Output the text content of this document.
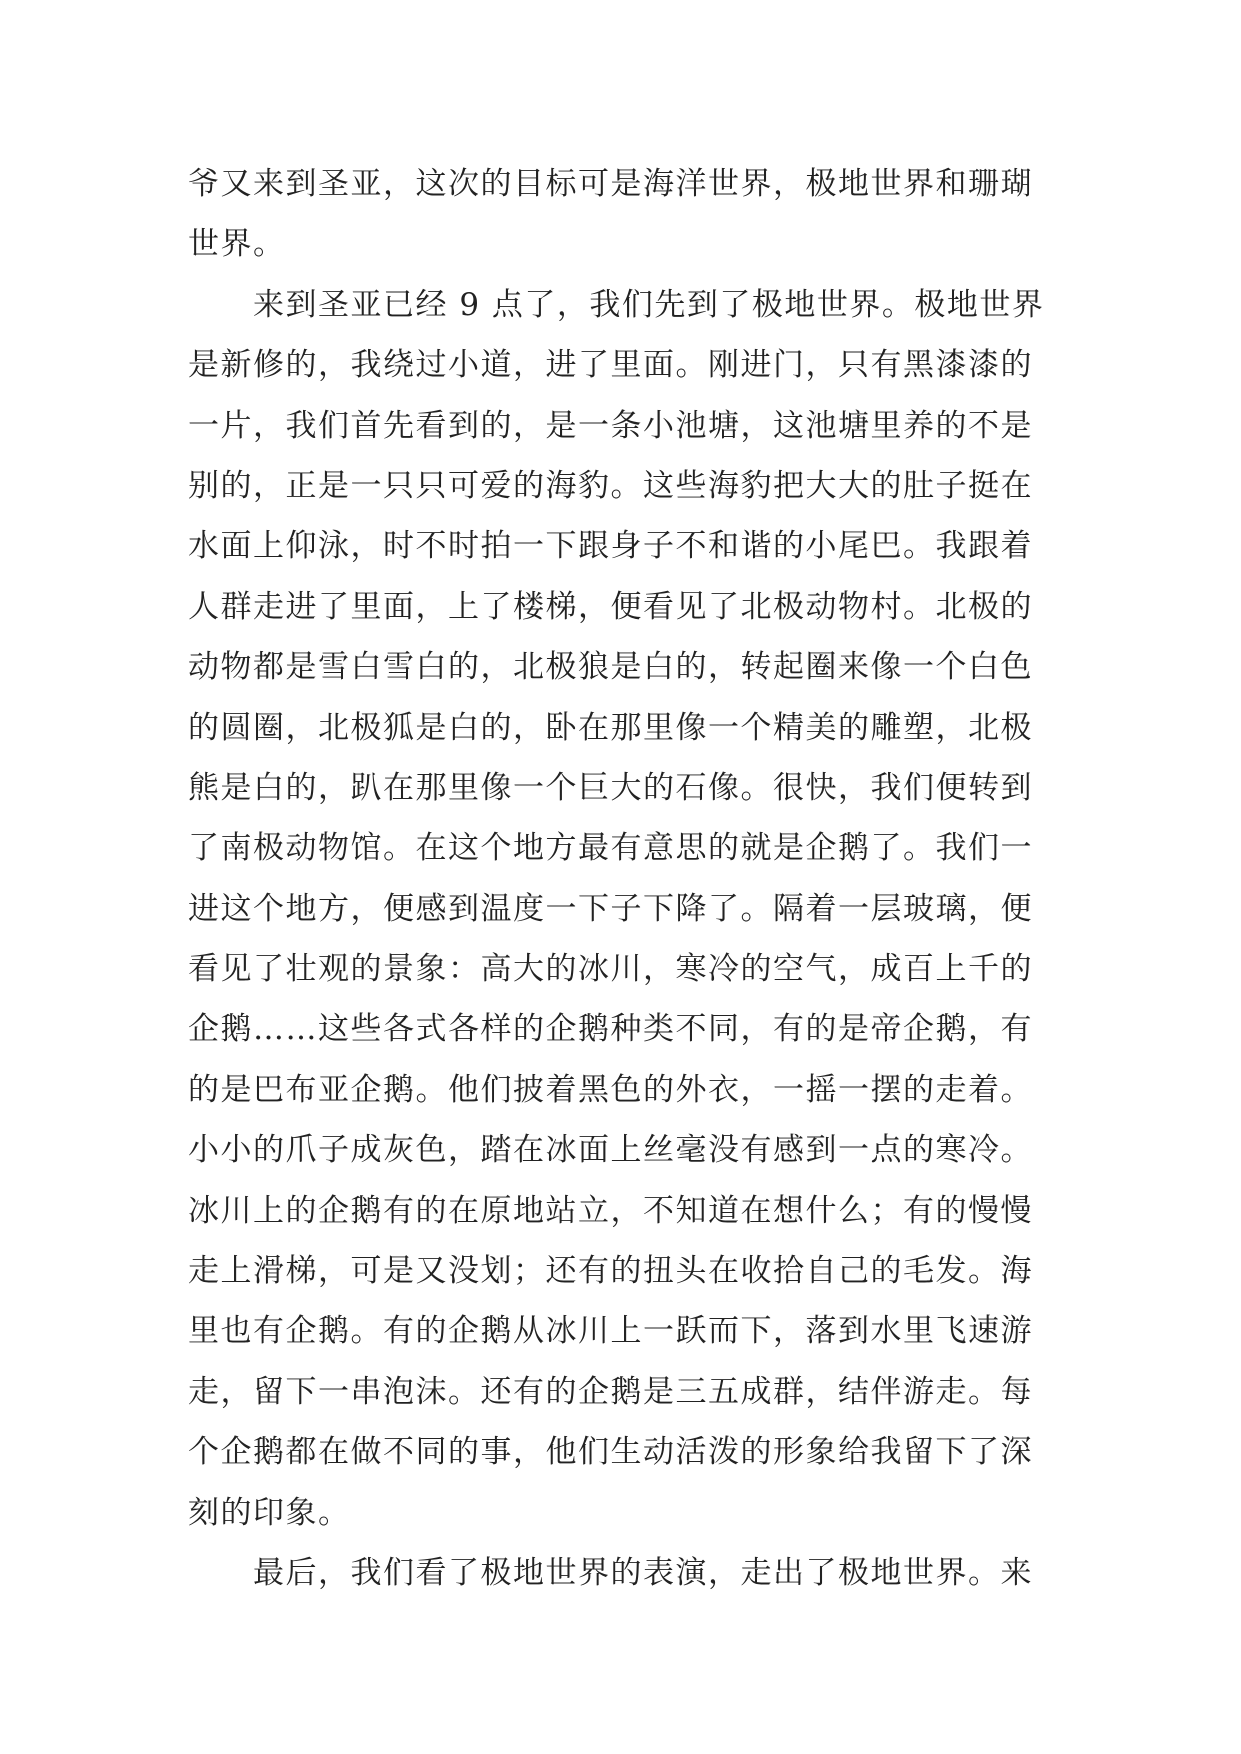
爷又来到圣亚，这次的目标可是海洋世界，极地世界和珊瑚
世界。
　　来到圣亚已经 9 点了，我们先到了极地世界。极地世界
是新修的，我绕过小道，进了里面。刚进门，只有黑漆漆的
一片，我们首先看到的，是一条小池塘，这池塘里养的不是
别的，正是一只只可爱的海豹。这些海豹把大大的肚子挺在
水面上仰泳，时不时拍一下跟身子不和谐的小尾巴。我跟着
人群走进了里面，上了楼梯，便看见了北极动物村。北极的
动物都是雪白雪白的，北极狼是白的，转起圈来像一个白色
的圆圈，北极狐是白的，卧在那里像一个精美的雕塑，北极
熊是白的，趴在那里像一个巨大的石像。很快，我们便转到
了南极动物馆。在这个地方最有意思的就是企鹅了。我们一
进这个地方，便感到温度一下子下降了。隔着一层玻璃，便
看见了壮观的景象：高大的冰川，寒冷的空气，成百上千的
企鹅……这些各式各样的企鹅种类不同，有的是帝企鹅，有
的是巴布亚企鹅。他们披着黑色的外衣，一摇一摆的走着。
小小的爪子成灰色，踏在冰面上丝毫没有感到一点的寒冷。
冰川上的企鹅有的在原地站立，不知道在想什么；有的慢慢
走上滑梯，可是又没划；还有的扭头在收拾自己的毛发。海
里也有企鹅。有的企鹅从冰川上一跃而下，落到水里飞速游
走，留下一串泡沫。还有的企鹅是三五成群，结伴游走。每
个企鹅都在做不同的事，他们生动活泼的形象给我留下了深
刻的印象。
　　最后，我们看了极地世界的表演，走出了极地世界。来
